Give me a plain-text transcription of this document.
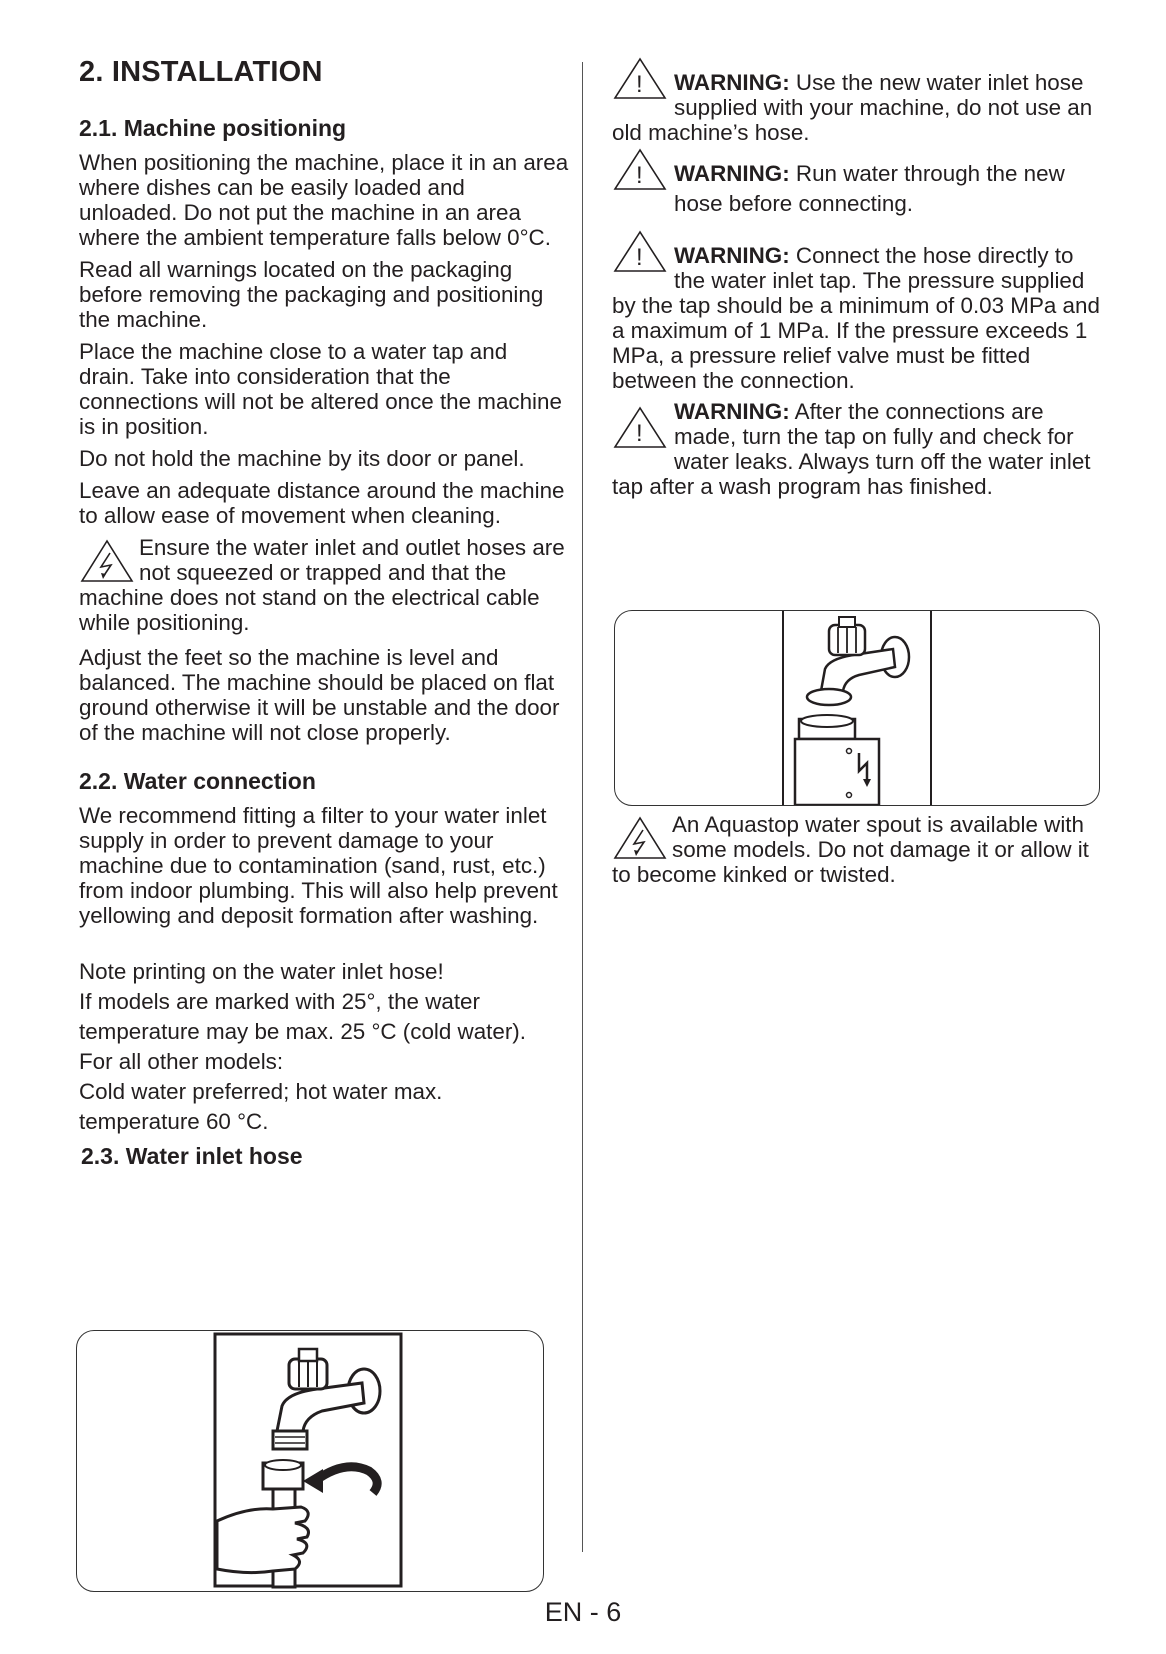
2. INSTALLATION
2.1. Machine positioning

When positioning the machine, place it in an area where dishes can be easily loaded and unloaded. Do not put the machine in an area where the ambient temperature falls below 0°C.

Read all warnings located on the packaging before removing the packaging and positioning the machine.

Place the machine close to a water tap and drain. Take into consideration that the connections will not be altered once the machine is in position.

Do not hold the machine by its door or panel.

Leave an adequate distance around the machine to allow ease of movement when cleaning.

Ensure the water inlet and outlet hoses are not squeezed or trapped and that the machine does not stand on the electrical cable while positioning.

Adjust the feet so the machine is level and balanced. The machine should be placed on flat ground otherwise it will be unstable and the door of the machine will not close properly.

2.2. Water connection

We recommend fitting a filter to your water inlet supply in order to prevent damage to your machine due to contamination (sand, rust, etc.) from indoor plumbing. This will also help prevent yellowing and deposit formation after washing.

Note printing on the water inlet hose!

If models are marked with 25°, the water temperature may be max. 25 °C (cold water).

For all other models:

Cold water preferred; hot water max. temperature 60 °C.

2.3. Water inlet hose
! WARNING: Use the new water inlet hose supplied with your machine, do not use an old machine’s hose.
! WARNING: Run water through the new hose before connecting.
! WARNING: Connect the hose directly to the water inlet tap. The pressure supplied by the tap should be a minimum of 0.03 MPa and a maximum of 1 MPa. If the pressure exceeds 1 MPa, a pressure relief valve must be fitted between the connection.
!
WARNING: After the connections are made, turn the tap on fully and check for water leaks. Always turn off the water inlet tap after a wash program has finished.
An Aquastop water spout is available with some models. Do not damage it or allow it to become kinked or twisted.
EN - 6
